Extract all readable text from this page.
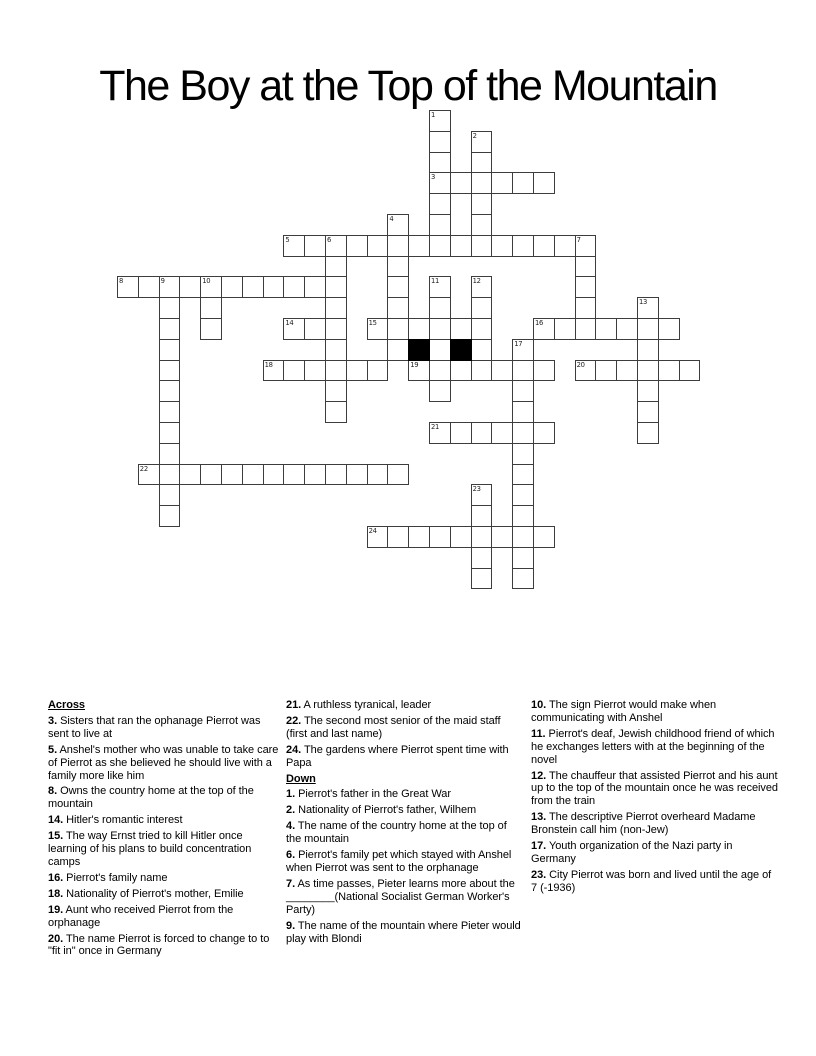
The Boy at the Top of the Mountain
3
5	6	7
8	9	10
14	15	16
18	19	20
21
22
24
1
2
4
11	12
13
17
23

Across

3. Sisters that ran the ophanage Pierrot was sent to live at

5. Anshel's mother who was unable to take care of Pierrot as she believed he should live with a family more like him

8. Owns the country home at the top of the mountain

14. Hitler's romantic interest

15. The way Ernst tried to kill Hitler once learning of his plans to build concentration camps

16. Pierrot's family name

18. Nationality of Pierrot's mother, Emilie

19. Aunt who received Pierrot from the orphanage

20. The name Pierrot is forced to change to to "fit in" once in Germany

21. A ruthless tyranical, leader

22. The second most senior of the maid staff (first and last name)

24. The gardens where Pierrot spent time with Papa

Down

1. Pierrot's father in the Great War

2. Nationality of Pierrot's father, Wilhem

4. The name of the country home at the top of the mountain

6. Pierrot's family pet which stayed with Anshel when Pierrot was sent to the orphanage

7. As time passes, Pieter learns more about the ________(National Socialist German Worker's Party)

9. The name of the mountain where Pieter would play with Blondi

10. The sign Pierrot would make when communicating with Anshel

11. Pierrot's deaf, Jewish childhood friend of which he exchanges letters with at the beginning of the novel

12. The chauffeur that assisted Pierrot and his aunt up to the top of the mountain once he was received from the train

13. The descriptive Pierrot overheard Madame Bronstein call him (non-Jew)

17. Youth organization of the Nazi party in Germany

23. City Pierrot was born and lived until the age of 7 (-1936)
